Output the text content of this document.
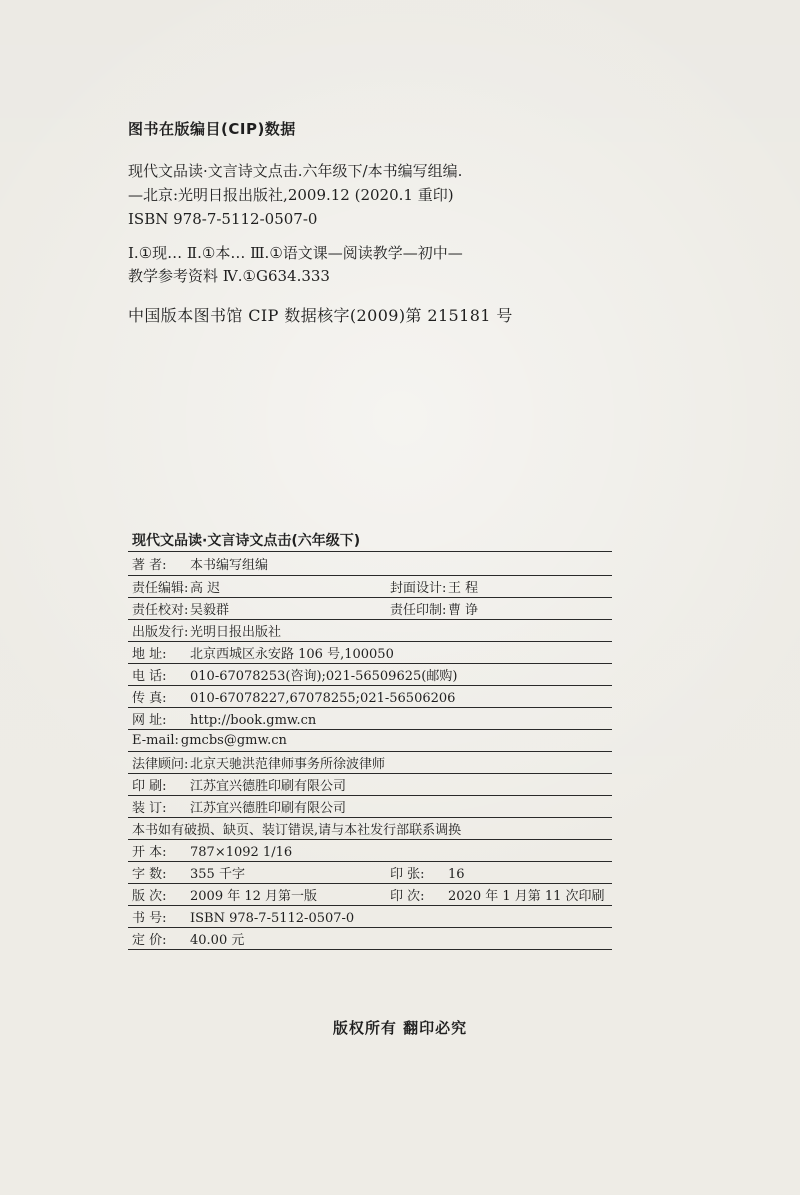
图书在版编目(CIP)数据
现代文品读·文言诗文点击.六年级下/本书编写组编.
—北京:光明日报出版社,2009.12 (2020.1 重印)
ISBN 978-7-5112-0507-0
Ⅰ.①现… Ⅱ.①本… Ⅲ.①语文课—阅读教学—初中—
教学参考资料 Ⅳ.①G634.333
中国版本图书馆 CIP 数据核字(2009)第 215181 号
现代文品读·文言诗文点击(六年级下)
著 者:	本书编写组编
责任编辑: 高 迟	封面设计: 王 程
责任校对: 吴毅群	责任印制: 曹 诤
出版发行: 光明日报出版社
地 址:	北京西城区永安路 106 号,100050
电 话:	010-67078253(咨询);021-56509625(邮购)
传 真:	010-67078227,67078255;021-56506206
网 址:	http://book.gmw.cn
E-mail: gmcbs@gmw.cn
法律顾问: 北京天驰洪范律师事务所徐波律师
印 刷:	江苏宜兴德胜印刷有限公司
装 订:	江苏宜兴德胜印刷有限公司
本书如有破损、缺页、装订错误,请与本社发行部联系调换
开 本:	787×1092 1/16
字 数:	355 千字	印 张:	16
版 次:	2009 年 12 月第一版	印 次:	2020 年 1 月第 11 次印刷
书 号:	ISBN 978-7-5112-0507-0
定 价:	40.00 元
版权所有 翻印必究
